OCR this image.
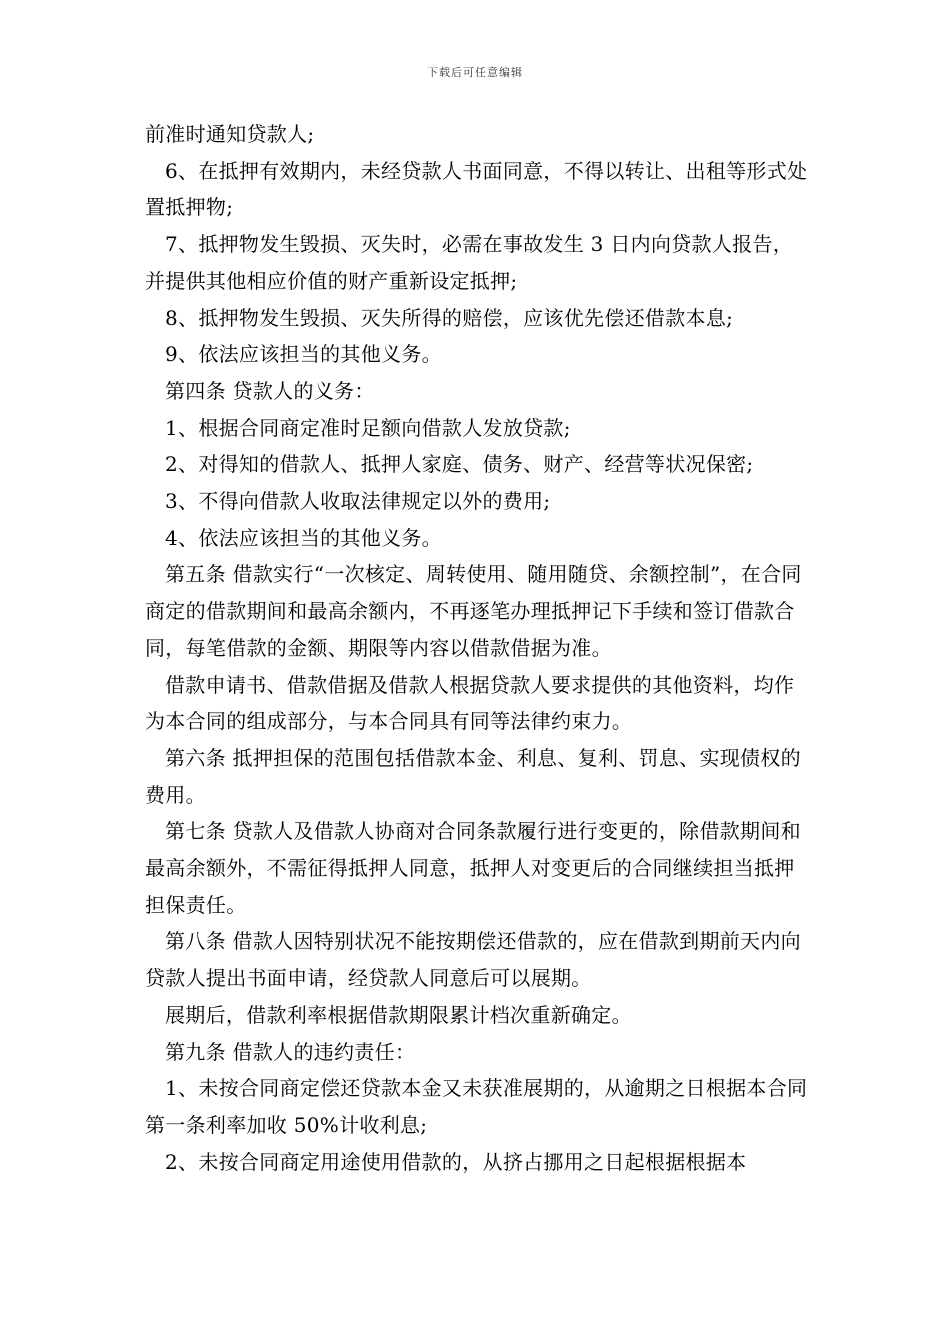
下载后可任意编辑

前准时通知贷款人;

6、在抵押有效期内，未经贷款人书面同意，不得以转让、出租等形式处置抵押物;

7、抵押物发生毁损、灭失时，必需在事故发生 3 日内向贷款人报告，并提供其他相应价值的财产重新设定抵押;

8、抵押物发生毁损、灭失所得的赔偿，应该优先偿还借款本息;

9、依法应该担当的其他义务。

第四条 贷款人的义务：

1、根据合同商定准时足额向借款人发放贷款;

2、对得知的借款人、抵押人家庭、债务、财产、经营等状况保密;

3、不得向借款人收取法律规定以外的费用;

4、依法应该担当的其他义务。

第五条 借款实行“一次核定、周转使用、随用随贷、余额控制”，在合同商定的借款期间和最高余额内，不再逐笔办理抵押记下手续和签订借款合同，每笔借款的金额、期限等内容以借款借据为准。

借款申请书、借款借据及借款人根据贷款人要求提供的其他资料，均作为本合同的组成部分，与本合同具有同等法律约束力。

第六条 抵押担保的范围包括借款本金、利息、复利、罚息、实现债权的费用。

第七条 贷款人及借款人协商对合同条款履行进行变更的，除借款期间和最高余额外，不需征得抵押人同意，抵押人对变更后的合同继续担当抵押担保责任。

第八条 借款人因特别状况不能按期偿还借款的，应在借款到期前天内向贷款人提出书面申请，经贷款人同意后可以展期。

展期后，借款利率根据借款期限累计档次重新确定。

第九条 借款人的违约责任：

1、未按合同商定偿还贷款本金又未获准展期的，从逾期之日根据本合同第一条利率加收 50%计收利息;

2、未按合同商定用途使用借款的，从挤占挪用之日起根据根据本
